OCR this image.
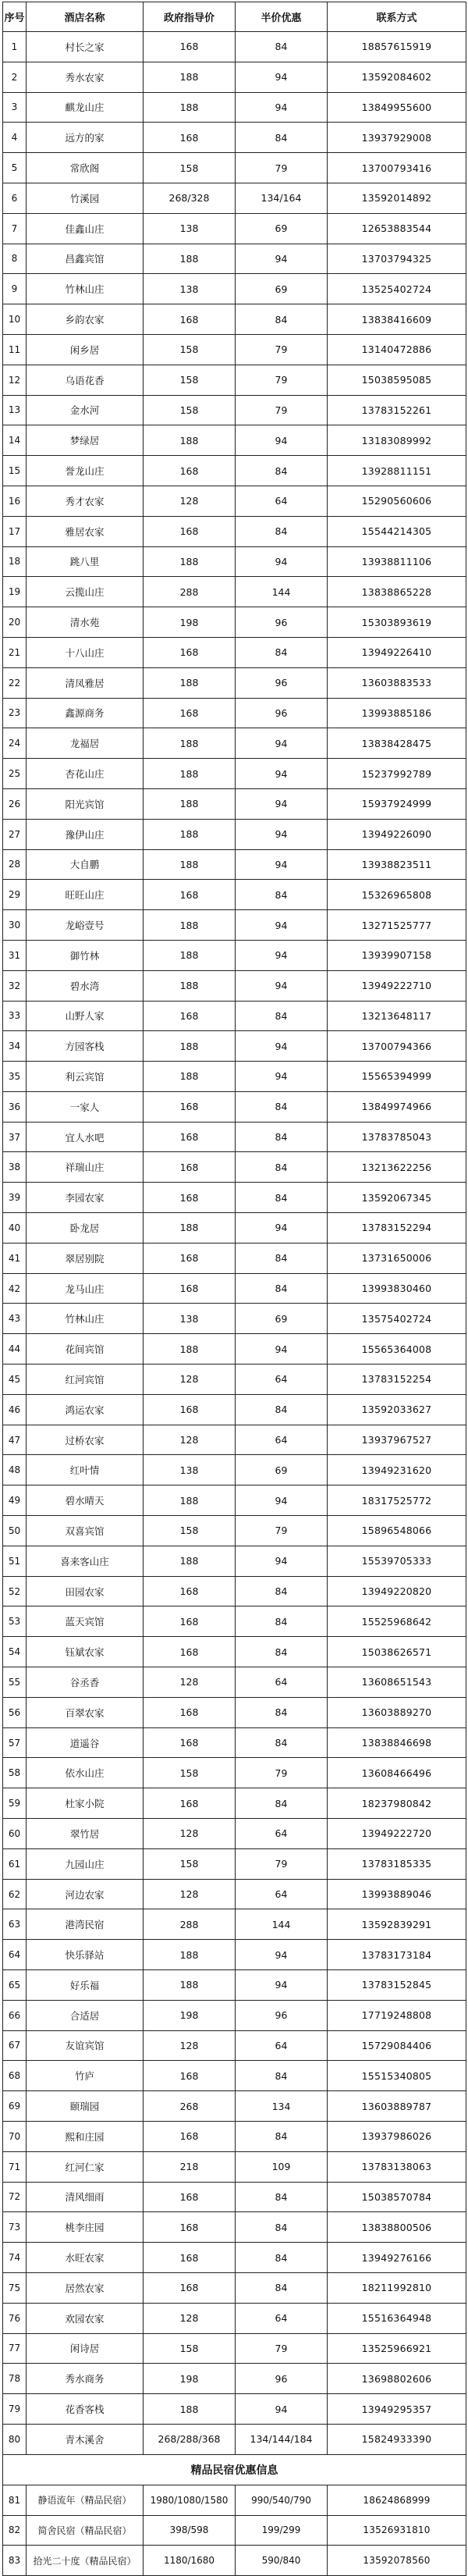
序号	酒店名称	政府指导价	半价优惠	联系方式
1	村长之家	168	84	18857615919
2	秀水农家	188	94	13592084602
3	麒龙山庄	188	94	13849955600
4	远方的家	168	84	13937929008
5	常欣阁	158	79	13700793416
6	竹溪园	268/328	134/164	13592014892
7	佳鑫山庄	138	69	12653883544
8	昌鑫宾馆	188	94	13703794325
9	竹林山庄	138	69	13525402724
10	乡韵农家	168	84	13838416609
11	闲乡居	158	79	13140472886
12	乌语花香	158	79	15038595085
13	金水河	158	79	13783152261
14	梦绿居	188	94	13183089992
15	誉龙山庄	168	84	13928811151
16	秀才农家	128	64	15290560606
17	雅居农家	168	84	15544214305
18	跳八里	188	94	13938811106
19	云揽山庄	288	144	13838865228
20	清水苑	198	96	15303893619
21	十八山庄	168	84	13949226410
22	清凤雅居	188	96	13603883533
23	鑫源商务	168	96	13993885186
24	龙福居	188	94	13838428475
25	杏花山庄	188	94	15237992789
26	阳光宾馆	188	94	15937924999
27	豫伊山庄	188	94	13949226090
28	大自鹏	188	94	13938823511
29	旺旺山庄	168	84	15326965808
30	龙峪壹号	188	94	13271525777
31	御竹林	188	94	13939907158
32	碧水湾	188	94	13949222710
33	山野人家	168	84	13213648117
34	方园客栈	188	94	13700794366
35	利云宾馆	188	94	15565394999
36	一家人	168	84	13849974966
37	宜人水吧	168	84	13783785043
38	祥瑞山庄	168	84	13213622256
39	李园农家	168	84	13592067345
40	卧龙居	188	94	13783152294
41	翠居别院	168	84	13731650006
42	龙马山庄	168	84	13993830460
43	竹林山庄	138	69	13575402724
44	花间宾馆	188	94	15565364008
45	红河宾馆	128	64	13783152254
46	鸿运农家	168	84	13592033627
47	过桥农家	128	64	13937967527
48	红叶情	138	69	13949231620
49	碧水晴天	188	94	18317525772
50	双喜宾馆	158	79	15896548066
51	喜来客山庄	188	94	15539705333
52	田园农家	168	84	13949220820
53	蓝天宾馆	168	84	15525968642
54	钰斌农家	168	84	15038626571
55	谷丞香	128	64	13608651543
56	百翠农家	168	84	13603889270
57	道遥谷	168	84	13838846698
58	依水山庄	158	79	13608466496
59	杜家小院	168	84	18237980842
60	翠竹居	128	64	13949222720
61	九园山庄	158	79	13783185335
62	河边农家	128	64	13993889046
63	港湾民宿	288	144	13592839291
64	快乐驿站	188	94	13783173184
65	好乐福	188	94	13783152845
66	合适居	198	96	17719248808
67	友谊宾馆	128	64	15729084406
68	竹庐	168	84	15515340805
69	颐瑞园	268	134	13603889787
70	熙和庄园	168	84	13937986026
71	红河仁家	218	109	13783138063
72	清风细雨	168	84	15038570784
73	桃李庄园	168	84	13838800506
74	水旺农家	168	84	13949276166
75	居然农家	168	84	18211992810
76	欢园农家	128	64	15516364948
77	闲诗居	158	79	13525966921
78	秀水商务	198	96	13698802606
79	花香客栈	188	94	13949295357
80	青木溪舍	268/288/368	134/144/184	15824933390
精品民宿优惠信息				
81	静语流年（精品民宿）	1980/1080/1580	990/540/790	18624868999
82	简舍民宿（精品民宿）	398/598	199/299	13526931810
83	拾光二十度（精品民宿）	1180/1680	590/840	13592078560
